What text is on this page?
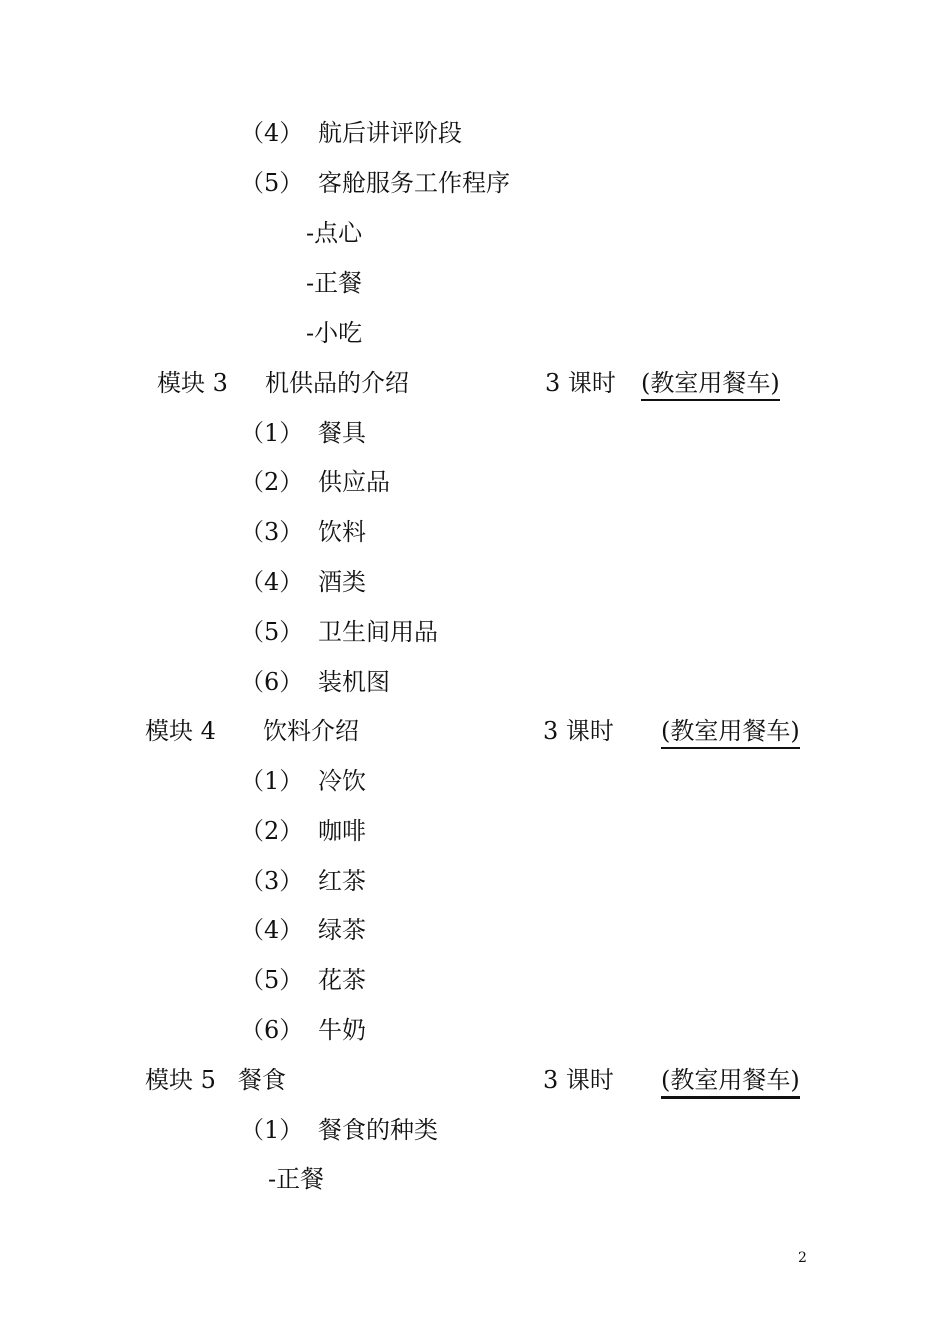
（4） 航后讲评阶段
（5） 客舱服务工作程序
-点心
-正餐
-小吃
模块 3 机供品的介绍	3 课时 (教室用餐车)
（1） 餐具
（2） 供应品
（3） 饮料
（4） 酒类
（5） 卫生间用品
（6） 装机图
模块 4 饮料介绍	3 课时 (教室用餐车)
（1） 冷饮
（2） 咖啡
（3） 红茶
（4） 绿茶
（5） 花茶
（6） 牛奶
模块 5 餐食	3 课时 (教室用餐车)
（1） 餐食的种类
-正餐
2
